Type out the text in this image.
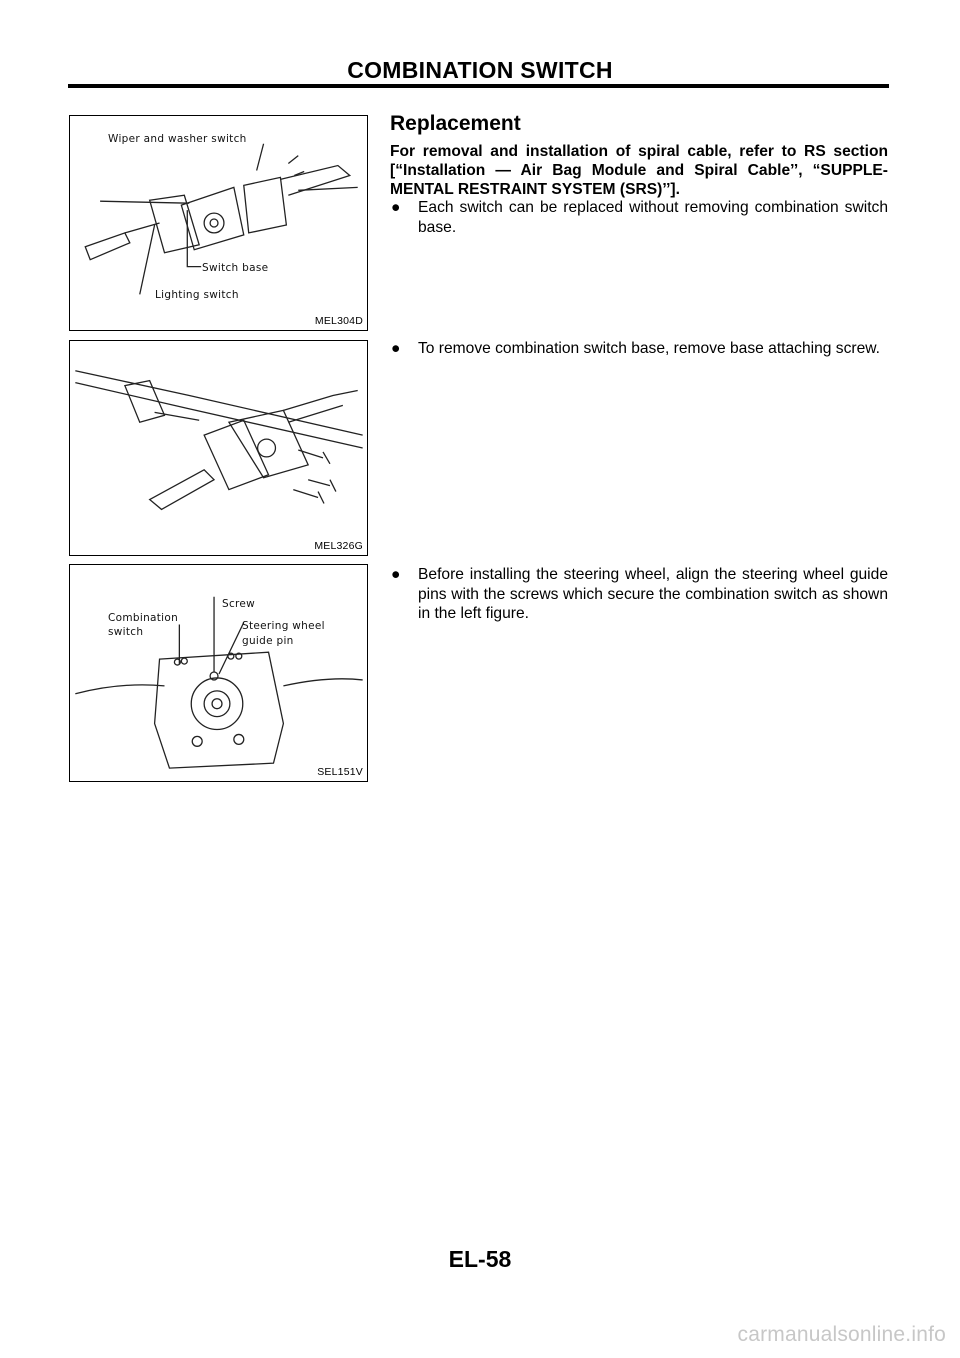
COMBINATION SWITCH
Wiper and washer switch
Switch base
Lighting switch
MEL304D
MEL326G
Combination
switch
Screw
Steering wheel
guide pin
SEL151V
Replacement
For removal and installation of spiral cable, refer to RS section [“Installation — Air Bag Module and Spiral Cable’’, “SUPPLE-MENTAL RESTRAINT SYSTEM (SRS)’’].
● Each switch can be replaced without removing combination switch base.
● To remove combination switch base, remove base attaching screw.
● Before installing the steering wheel, align the steering wheel guide pins with the screws which secure the combination switch as shown in the left figure.
EL-58
carmanualsonline.info
